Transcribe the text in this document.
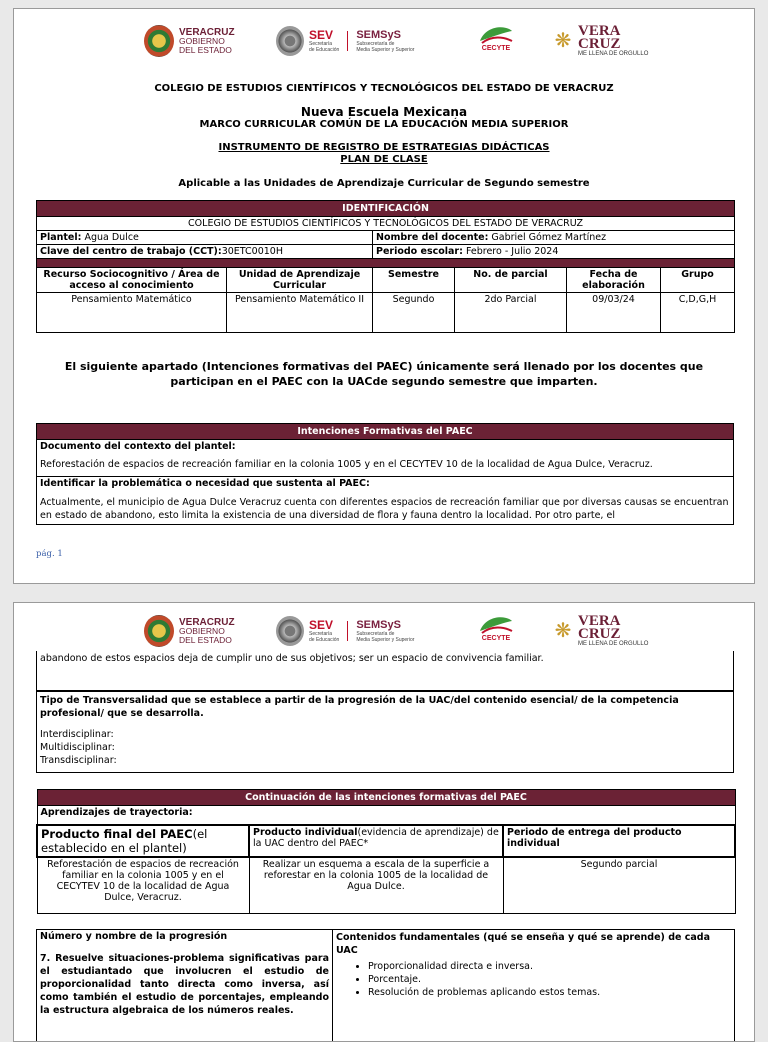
VERACRUZ
GOBIERNO
DEL ESTADO
SEV
Secretaría
de Educación
SEMSyS
Subsecretaría de
Media Superior y Superior	CECYTE ❋ VERA
CRUZ
ME LLENA DE ORGULLO
COLEGIO DE ESTUDIOS CIENTÍFICOS Y TECNOLÓGICOS DEL ESTADO DE VERACRUZ
Nueva Escuela Mexicana
MARCO CURRICULAR COMÚN DE LA EDUCACIÓN MEDIA SUPERIOR
INSTRUMENTO DE REGISTRO DE ESTRATEGIAS DIDÁCTICAS
PLAN DE CLASE
Aplicable a las Unidades de Aprendizaje Curricular de Segundo semestre
IDENTIFICACIÓN					
COLEGIO DE ESTUDIOS CIENTÍFICOS Y TECNOLÓGICOS DEL ESTADO DE VERACRUZ					
Plantel: Agua Dulce		Nombre del docente: Gabriel Gómez Martínez			
Clave del centro de trabajo (CCT):30ETC0010H		Periodo escolar: Febrero - Julio 2024			

Recurso Sociocognitivo / Área de acceso al conocimiento	Unidad de Aprendizaje Curricular	Semestre	No. de parcial	Fecha de elaboración	Grupo
Pensamiento Matemático	Pensamiento Matemático II	Segundo	2do Parcial	09/03/24	C,D,G,H
El siguiente apartado (Intenciones formativas del PAEC) únicamente será llenado por los docentes que participan en el PAEC con la UACde segundo semestre que imparten.
Intenciones Formativas del PAEC
Documento del contexto del plantel:
Reforestación de espacios de recreación familiar en la colonia 1005 y en el CECYTEV 10 de la localidad de Agua Dulce, Veracruz.
Identificar la problemática o necesidad que sustenta al PAEC:
Actualmente, el municipio de Agua Dulce Veracruz cuenta con diferentes espacios de recreación familiar que por diversas causas se encuentran en estado de abandono, esto limita la existencia de una diversidad de flora y fauna dentro la localidad. Por otro parte, el
pág. 1
VERACRUZ
GOBIERNO
DEL ESTADO
SEV
Secretaría
de Educación
SEMSyS
Subsecretaría de
Media Superior y Superior	CECYTE ❋ VERA
CRUZ
ME LLENA DE ORGULLO
abandono de estos espacios deja de cumplir uno de sus objetivos; ser un espacio de convivencia familiar.
Tipo de Transversalidad que se establece a partir de la progresión de la UAC/del contenido esencial/ de la competencia profesional/ que se desarrolla.
Interdisciplinar:
Multidisciplinar:
Transdisciplinar:
Continuación de las intenciones formativas del PAEC		
Aprendizajes de trayectoria:		
Producto final del PAEC(el establecido en el plantel)	Producto individual(evidencia de aprendizaje) de la UAC dentro del PAEC*	Periodo de entrega del producto individual
Reforestación de espacios de recreación familiar en la colonia 1005 y en el CECYTEV 10 de la localidad de Agua Dulce, Veracruz.	Realizar un esquema a escala de la superficie a reforestar en la colonia 1005 de la localidad de Agua Dulce.	Segundo parcial
Número y nombre de la progresión
7. Resuelve situaciones-problema significativas para el estudiantado que involucren el estudio de proporcionalidad tanto directa como inversa, así como también el estudio de porcentajes, empleando la estructura algebraica de los números reales.

Contenidos fundamentales (qué se enseña y qué se aprende) de cada UAC
• Proporcionalidad directa e inversa.
• Porcentaje.
• Resolución de problemas aplicando estos temas.
